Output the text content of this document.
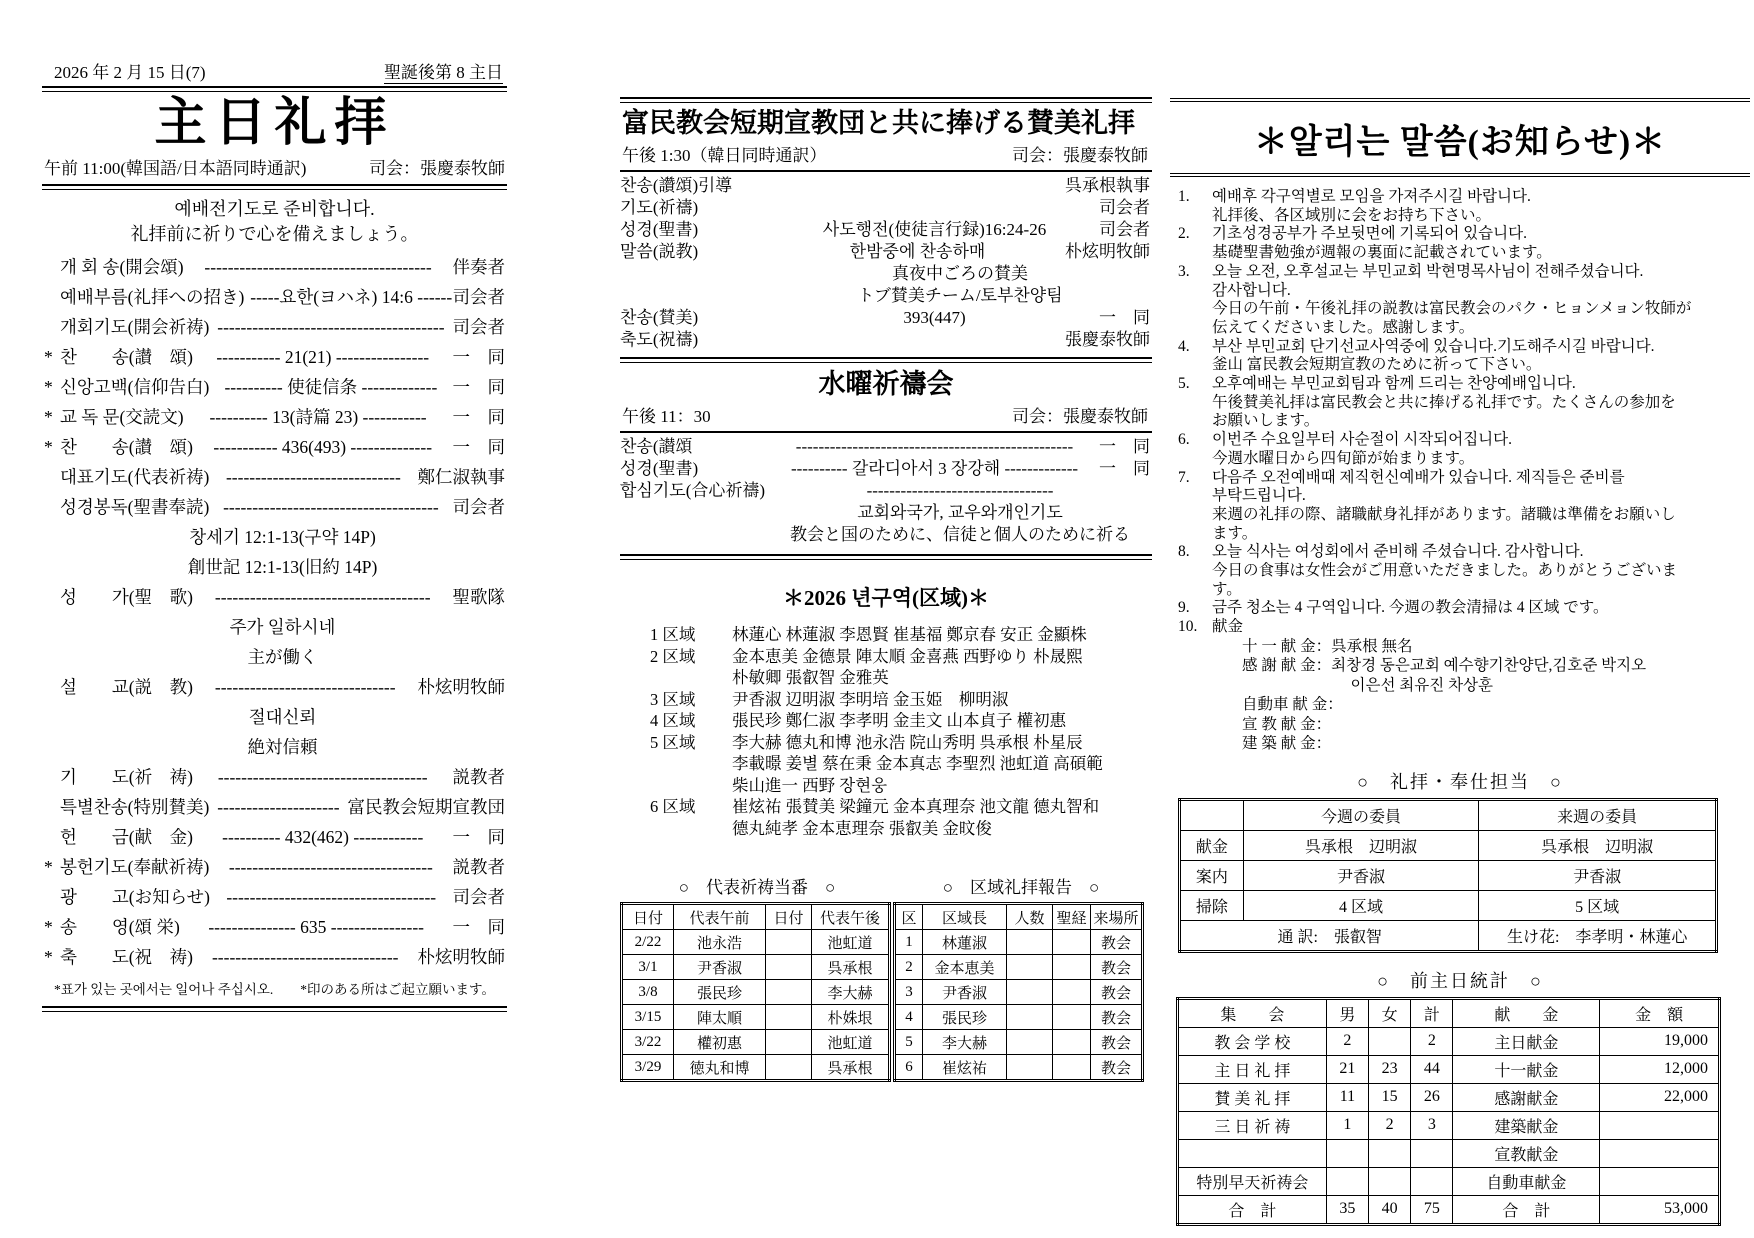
2026 年 2 月 15 日(7)	聖誕後第 8 主日
主日礼拝
午前 11:00(韓国語/日本語同時通訳)	司会：張慶泰牧師
예배전기도로 준비합니다.
礼拝前に祈りで心を備えましょう。
개 회 송(開会頌)	---------------------------------------	伴奏者
예배부름(礼拝への招き) -----요한(ヨハネ) 14:6 ------ 司会者
개회기도(開会祈祷) --------------------------------------- 司会者
* 찬　　송(讃　頌)	----------- 21(21) ----------------	一　同
* 신앙고백(信仰告白) ---------- 使徒信条 ------------- 一　同
* 교 독 문(交読文)	---------- 13(詩篇 23) -----------	一　同
* 찬　　송(讃　頌)	----------- 436(493) --------------	一　同
대표기도(代表祈祷) ------------------------------ 鄭仁淑執事
성경봉독(聖書奉読) ------------------------------------- 司会者
창세기 12:1-13(구약 14P)
創世記 12:1-13(旧約 14P)
성　　가(聖　歌)	-------------------------------------	聖歌隊
주가 일하시네
主が働く
설　　교(説　教)	-------------------------------	朴炫明牧師
절대신뢰
絶対信頼
기　　도(祈　祷)	------------------------------------	説教者
특별찬송(特別賛美) --------------------- 富民教会短期宣教団
헌　　금(献　金)	---------- 432(462) ------------	一　同
* 봉헌기도(奉献祈祷)	-----------------------------------	説教者
광　　고(お知らせ) ------------------------------------ 司会者
* 송　　영(頌 栄)	--------------- 635 ----------------	一　同
* 축　　도(祝　祷)	--------------------------------	朴炫明牧師
*표가 있는 곳에서는 일어나 주십시오.　　*印のある所はご起立願います。
富民教会短期宣教団と共に捧げる賛美礼拝
午後 1:30（韓日同時通訳）	司会：張慶泰牧師
찬송(讚頌)引導	呉承根執事
기도(祈禱)	司会者
성경(聖書)	사도행전(使徒言行録)16:24-26	司会者
말씀(説教)	한밤중에 찬송하매	朴炫明牧師
真夜中ごろの賛美
トブ賛美チーム/토부찬양팀
찬송(賛美)	393(447)	一　同
축도(祝禱)	張慶泰牧師
水曜祈禱会
午後 11：30	司会：張慶泰牧師
찬송(讃頌	-------------------------------------------------	一　同
성경(聖書)	---------- 갈라디아서 3 장강해 -------------	一　同
합심기도(合心祈禱)	---------------------------------
교회와국가, 교우와개인기도
教会と国のために、信徒と個人のために祈る
＊2026 년구역(区域)＊
1 区域	林蓮心 林蓮淑 李恩賢 崔基福 鄭京春 安正 金顯株
2 区域	金本恵美 金德景 陣太順 金喜燕 西野ゆり 朴晟熙
朴敏卿 張叡智 金雅英
3 区域	尹香淑 辺明淑 李明培 金玉姫　柳明淑
4 区域	張民珍 鄭仁淑 李孝明 金圭文 山本貞子 權初惠
5 区域	李大赫 德丸和博 池永浩 院山秀明 呉承根 朴星辰
李載暻 姜별 蔡在秉 金本真志 李聖烈 池虹道 高碩範
柴山進一 西野 장현웅
6 区域	崔炫祐 張賛美 梁鐘元 金本真理奈 池文龍 德丸智和
德丸純孝 金本恵理奈 張叡美 金旼俊
○　代表祈祷当番　○	○　区域礼拝報告　○
日付	代表午前	日付	代表午後
2/22	池永浩		池虹道
3/1	尹香淑		呉承根
3/8	張民珍		李大赫
3/15	陣太順		朴姝垠
3/22	權初惠		池虹道
3/29	徳丸和博		呉承根
区	区域長	人数	聖経	来場所
1	林蓮淑			教会
2	金本恵美			教会
3	尹香淑			教会
4	張民珍			教会
5	李大赫			教会
6	崔炫祐			教会
＊알리는 말씀(お知らせ)＊
1.	예배후 각구역별로 모임을 가져주시길 바랍니다.
礼拝後、各区域別に会をお持ち下さい。
2.	기초성경공부가 주보뒷면에 기록되어 있습니다.
基礎聖書勉強が週報の裏面に記載されています。
3.	오늘 오전, 오후설교는 부민교회 박현명목사님이 전해주셨습니다.
감사합니다.
今日の午前・午後礼拝の説教は富民教会のパク・ヒョンメョン牧師が
伝えてくださいました。感謝します。
4.	부산 부민교회 단기선교사역중에 있습니다.기도해주시길 바랍니다.
釜山 富民教会短期宣教のために祈って下さい。
5.	오후예배는 부민교회팀과 함께 드리는 찬양예배입니다.
午後賛美礼拝は富民教会と共に捧げる礼拝です。たくさんの参加を
お願いします。
6.	이번주 수요일부터 사순절이 시작되어집니다.
今週水曜日から四旬節が始まります。
7.	다음주 오전예배때 제직헌신예배가 있습니다. 제직들은 준비를
부탁드립니다.
来週の礼拝の際、諸職献身礼拝があります。諸職は準備をお願いし
ます。
8.	오늘 식사는 여성회에서 준비해 주셨습니다. 감사합니다.
今日の食事は女性会がご用意いただきました。ありがとうございま
す。
9.	금주 청소는 4 구역입니다. 今週の教会清掃は 4 区域 です。
10. 献金
十 一 献 金：呉承根 無名
感 謝 献 金：최창경 동은교회 예수향기찬양단,김호준 박지오
　　　　　　　이은선 최유진 차상훈
自動車 献 金：
宣 教 献 金：
建 築 献 金：
○　礼拝・奉仕担当　○
	今週の委員	来週の委員
献金	呉承根　辺明淑	呉承根　辺明淑
案内	尹香淑	尹香淑
掃除	4 区域	5 区域
通 訳:　張叡智		生け花:　李孝明・林蓮心
○　前主日統計　○
集　　会	男	女	計	献　　金	金　額
教 会 学 校	2		2	主日献金	19,000
主 日 礼 拝	21	23	44	十一献金	12,000
賛 美 礼 拝	11	15	26	感謝献金	22,000
三 日 祈 祷	1	2	3	建築献金	
				宣教献金	
特別早天祈祷会				自動車献金	
合　計	35	40	75	合　計	53,000
